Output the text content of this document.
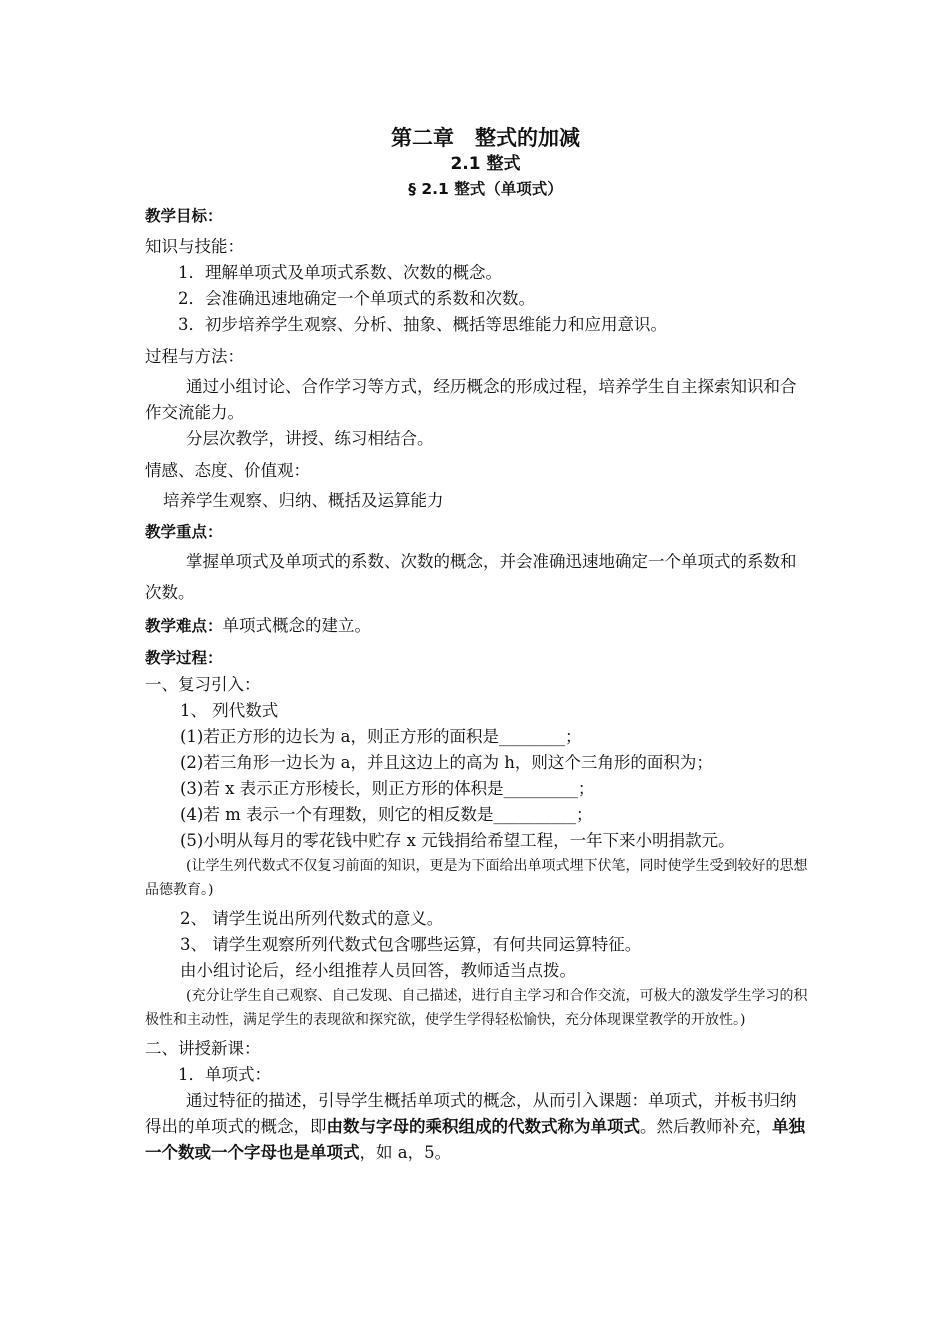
第二章　整式的加减
2.1 整式
§ 2.1 整式（单项式）
教学目标：
知识与技能：
1．理解单项式及单项式系数、次数的概念。
2．会准确迅速地确定一个单项式的系数和次数。
3．初步培养学生观察、分析、抽象、概括等思维能力和应用意识。
过程与方法：
通过小组讨论、合作学习等方式，经历概念的形成过程，培养学生自主探索知识和合作交流能力。
分层次教学，讲授、练习相结合。
情感、态度、价值观：
培养学生观察、归纳、概括及运算能力
教学重点：
掌握单项式及单项式的系数、次数的概念，并会准确迅速地确定一个单项式的系数和次数。
教学难点：单项式概念的建立。
教学过程：
一、复习引入：
1、 列代数式
(1)若正方形的边长为 a，则正方形的面积是________；
(2)若三角形一边长为 a，并且这边上的高为 h，则这个三角形的面积为；
(3)若 x 表示正方形棱长，则正方形的体积是_________；
(4)若 m 表示一个有理数，则它的相反数是__________；
(5)小明从每月的零花钱中贮存 x 元钱捐给希望工程，一年下来小明捐款元。
(让学生列代数式不仅复习前面的知识，更是为下面给出单项式埋下伏笔，同时使学生受到较好的思想品德教育。)
2、 请学生说出所列代数式的意义。
3、 请学生观察所列代数式包含哪些运算，有何共同运算特征。
由小组讨论后，经小组推荐人员回答，教师适当点拨。
(充分让学生自己观察、自己发现、自己描述，进行自主学习和合作交流，可极大的激发学生学习的积极性和主动性，满足学生的表现欲和探究欲，使学生学得轻松愉快，充分体现课堂教学的开放性。)
二、讲授新课：
1．单项式：
通过特征的描述，引导学生概括单项式的概念，从而引入课题：单项式，并板书归纳得出的单项式的概念，即由数与字母的乘积组成的代数式称为单项式。然后教师补充，单独一个数或一个字母也是单项式，如 a，5。
